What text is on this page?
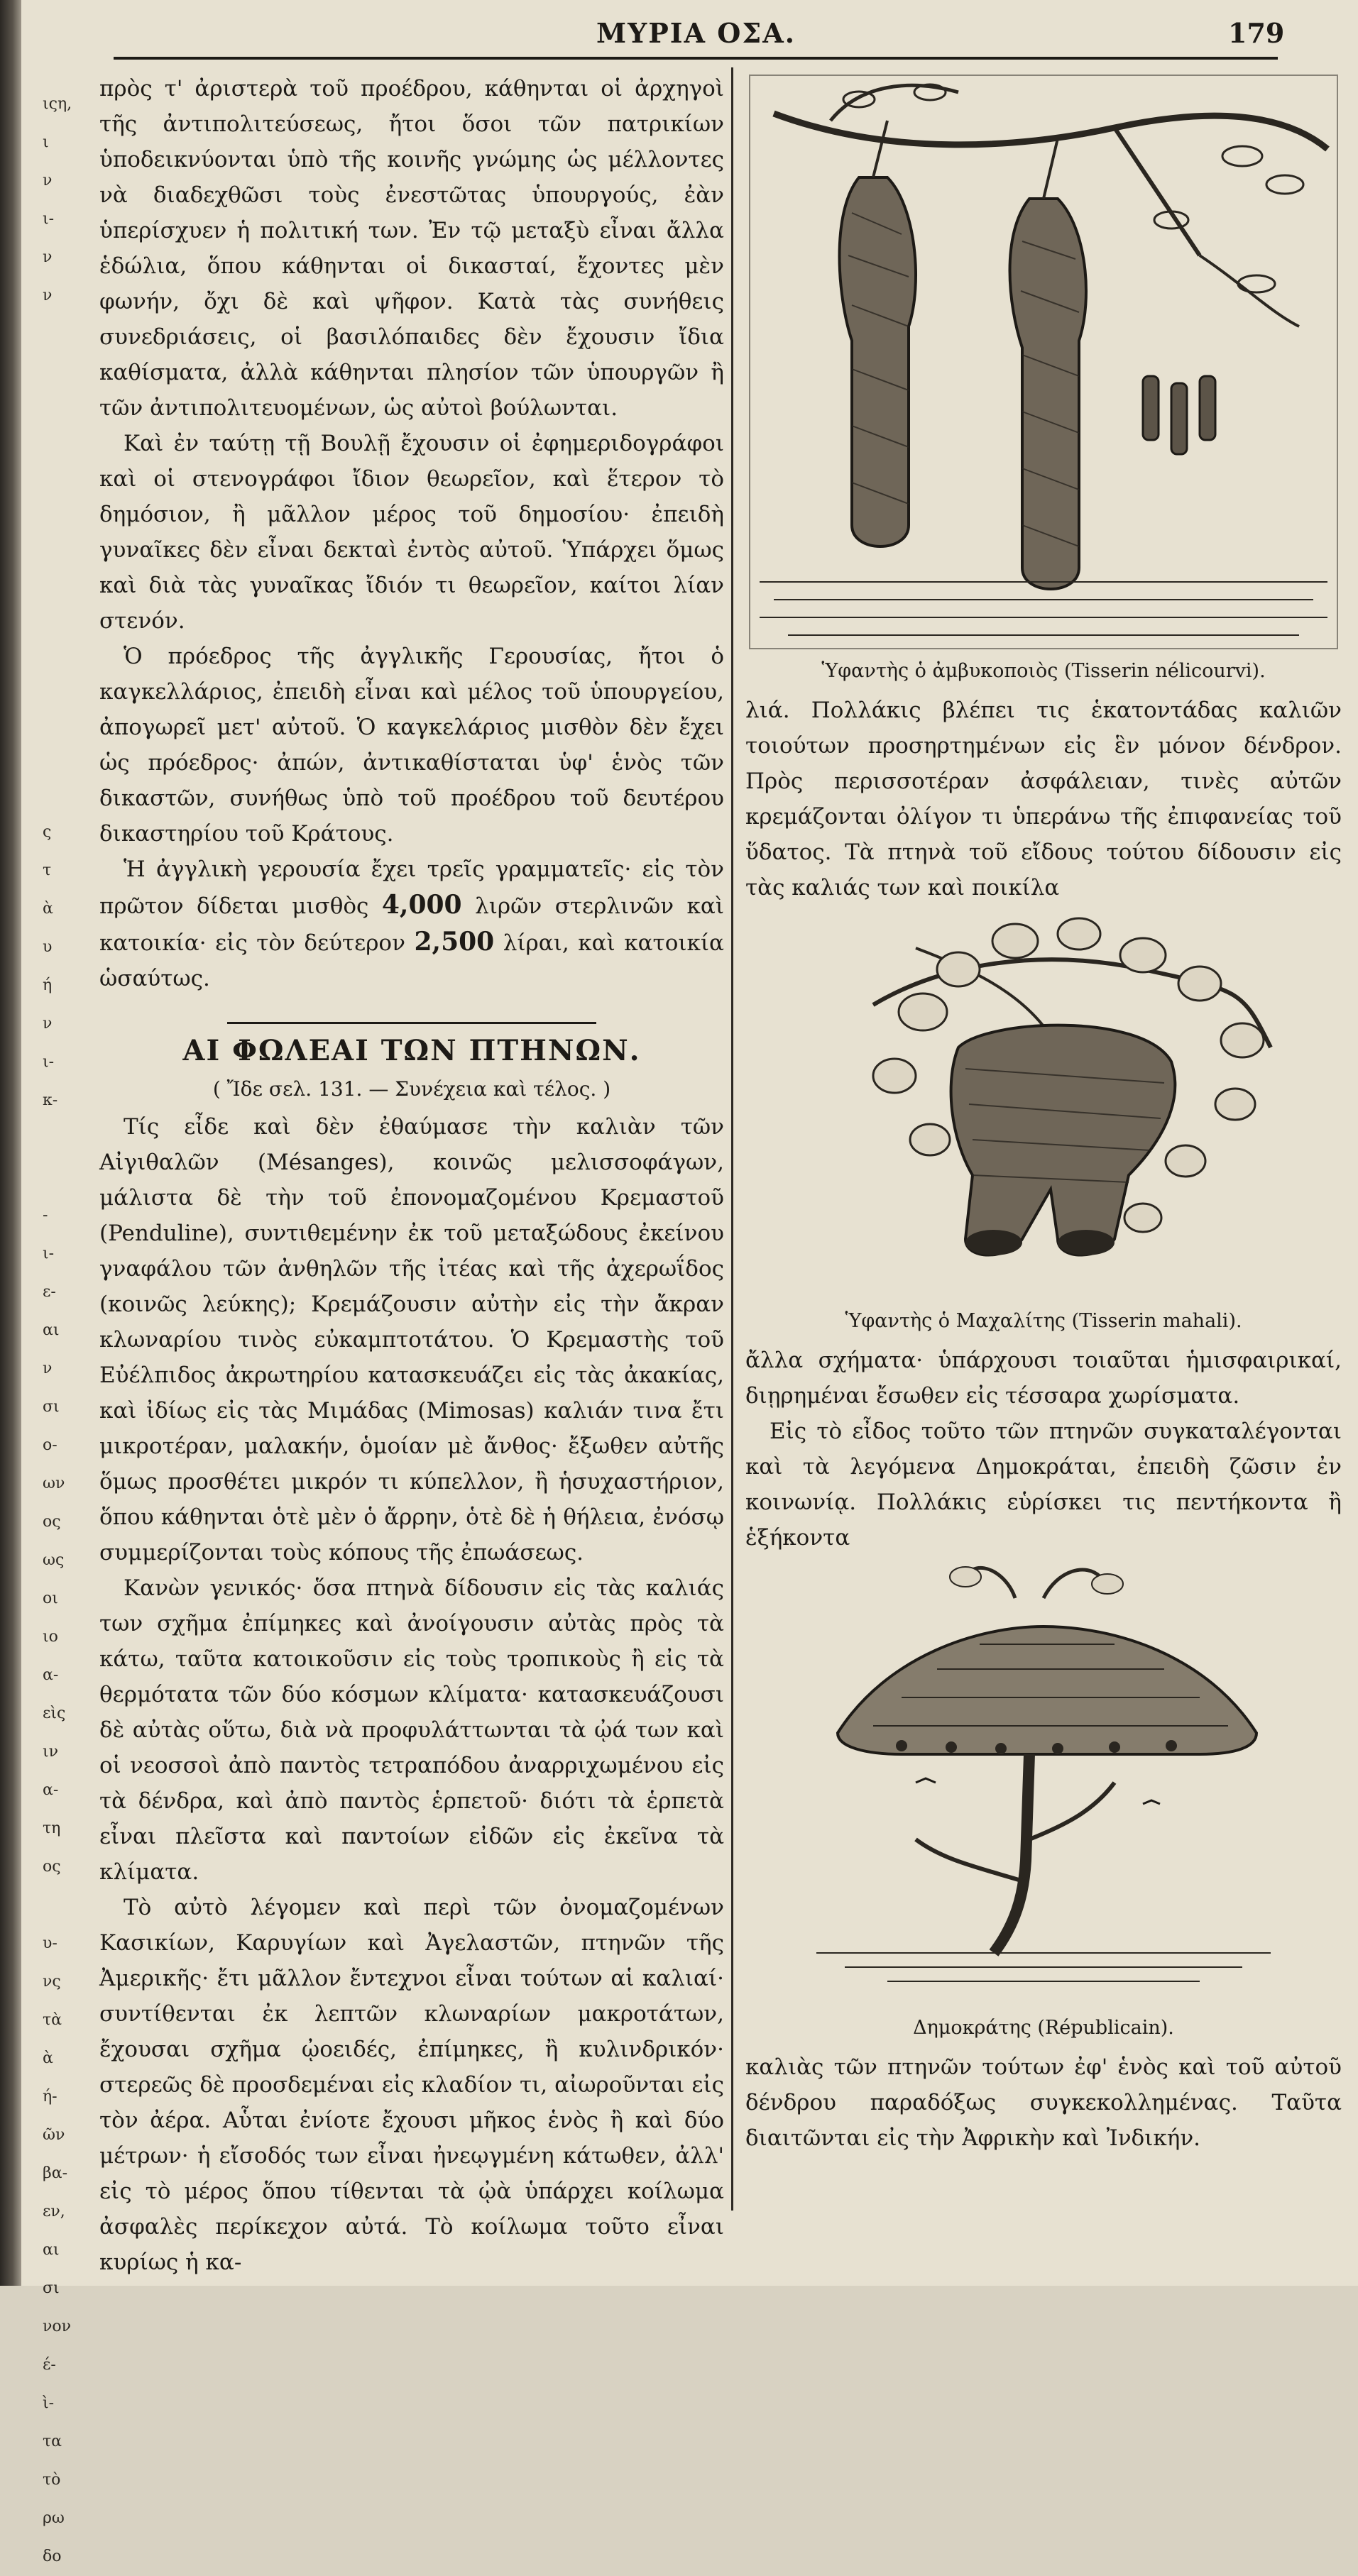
ιςη,
ι
ν
ι-
ν
ν

ς
τ
ὰ
υ
ή
ν
ι-
κ-

-
ι-
ε-
αι
ν
σι
ο-
ων
ος
ως
οι
ιο
α-
εὶς
ιν
α-
τη
ος

υ-
νς
τὰ
ὰ
ή-
ῶν
βα-
εν,
αι
σι
νον
έ-
ὶ-
τα
τὸ
ρω
δο
ΜΥΡΙΑ ΟΣΑ.	179

πρὸς τ' ἀριστερὰ τοῦ προέδρου, κάθηνται οἱ ἀρχηγοὶ τῆς ἀντιπολιτεύσεως, ἤτοι ὅσοι τῶν πατρικίων ὑποδεικνύονται ὑπὸ τῆς κοινῆς γνώμης ὡς μέλλοντες νὰ διαδεχθῶσι τοὺς ἐνεστῶτας ὑπουργούς, ἐὰν ὑπερίσχυεν ἡ πολιτική των. Ἐν τῷ μεταξὺ εἶναι ἄλλα ἑδώλια, ὅπου κάθηνται οἱ δικασταί, ἔχοντες μὲν φωνήν, ὄχι δὲ καὶ ψῆφον. Κατὰ τὰς συνήθεις συνεδριάσεις, οἱ βασιλόπαιδες δὲν ἔχουσιν ἴδια καθίσματα, ἀλλὰ κάθηνται πλησίον τῶν ὑπουργῶν ἢ τῶν ἀντιπολιτευομένων, ὡς αὐτοὶ βούλωνται.

Καὶ ἐν ταύτῃ τῇ Βουλῇ ἔχουσιν οἱ ἐφημεριδογράφοι καὶ οἱ στενογράφοι ἴδιον θεωρεῖον, καὶ ἕτερον τὸ δημόσιον, ἢ μᾶλλον μέρος τοῦ δημοσίου· ἐπειδὴ γυναῖκες δὲν εἶναι δεκταὶ ἐντὸς αὐτοῦ. Ὑπάρχει ὅμως καὶ διὰ τὰς γυναῖκας ἴδιόν τι θεωρεῖον, καίτοι λίαν στενόν.

Ὁ πρόεδρος τῆς ἀγγλικῆς Γερουσίας, ἤτοι ὁ καγκελλάριος, ἐπειδὴ εἶναι καὶ μέλος τοῦ ὑπουργείου, ἀπογωρεῖ μετ' αὐτοῦ. Ὁ καγκελάριος μισθὸν δὲν ἔχει ὡς πρόεδρος· ἀπών, ἀντικαθίσταται ὑφ' ἑνὸς τῶν δικαστῶν, συνήθως ὑπὸ τοῦ προέδρου τοῦ δευτέρου δικαστηρίου τοῦ Κράτους.

Ἡ ἀγγλικὴ γερουσία ἔχει τρεῖς γραμματεῖς· εἰς τὸν πρῶτον δίδεται μισθὸς 4,000 λιρῶν στερλινῶν καὶ κατοικία· εἰς τὸν δεύτερον 2,500 λίραι, καὶ κατοικία ὡσαύτως.

ΑΙ ΦΩΛΕΑΙ ΤΩΝ ΠΤΗΝΩΝ.
( Ἴδε σελ. 131. — Συνέχεια καὶ τέλος. )

Τίς εἶδε καὶ δὲν ἐθαύμασε τὴν καλιὰν τῶν Αἰγιθαλῶν (Mésanges), κοινῶς μελισσοφάγων, μάλιστα δὲ τὴν τοῦ ἐπονομαζομένου Κρεμαστοῦ (Penduline), συντιθεμένην ἐκ τοῦ μεταξώδους ἐκείνου γναφάλου τῶν ἀνθηλῶν τῆς ἰτέας καὶ τῆς ἀχερωΐδος (κοινῶς λεύκης); Κρεμάζουσιν αὐτὴν εἰς τὴν ἄκραν κλωναρίου τινὸς εὐκαμπτοτάτου. Ὁ Κρεμαστὴς τοῦ Εὐέλπιδος ἀκρωτηρίου κατασκευάζει εἰς τὰς ἀκακίας, καὶ ἰδίως εἰς τὰς Μιμάδας (Mimosas) καλιάν τινα ἔτι μικροτέραν, μαλακήν, ὁμοίαν μὲ ἄνθος· ἔξωθεν αὐτῆς ὅμως προσθέτει μικρόν τι κύπελλον, ἢ ἡσυχαστήριον, ὅπου κάθηνται ὁτὲ μὲν ὁ ἄρρην, ὁτὲ δὲ ἡ θήλεια, ἐνόσῳ συμμερίζονται τοὺς κόπους τῆς ἐπωάσεως.

Κανὼν γενικός· ὅσα πτηνὰ δίδουσιν εἰς τὰς καλιάς των σχῆμα ἐπίμηκες καὶ ἀνοίγουσιν αὐτὰς πρὸς τὰ κάτω, ταῦτα κατοικοῦσιν εἰς τοὺς τροπικοὺς ἢ εἰς τὰ θερμότατα τῶν δύο κόσμων κλίματα· κατασκευάζουσι δὲ αὐτὰς οὕτω, διὰ νὰ προφυλάττωνται τὰ ᾠά των καὶ οἱ νεοσσοὶ ἀπὸ παντὸς τετραπόδου ἀναρριχωμένου εἰς τὰ δένδρα, καὶ ἀπὸ παντὸς ἑρπετοῦ· διότι τὰ ἑρπετὰ εἶναι πλεῖστα καὶ παντοίων εἰδῶν εἰς ἐκεῖνα τὰ κλίματα.

Τὸ αὐτὸ λέγομεν καὶ περὶ τῶν ὀνομαζομένων Κασικίων, Καρυγίων καὶ Ἀγελαστῶν, πτηνῶν τῆς Ἀμερικῆς· ἔτι μᾶλλον ἔντεχνοι εἶναι τούτων αἱ καλιαί· συντίθενται ἐκ λεπτῶν κλωναρίων μακροτάτων, ἔχουσαι σχῆμα ᾠοειδές, ἐπίμηκες, ἢ κυλινδρικόν· στερεῶς δὲ προσδεμέναι εἰς κλαδίον τι, αἰωροῦνται εἰς τὸν ἀέρα. Αὗται ἐνίοτε ἔχουσι μῆκος ἑνὸς ἢ καὶ δύο μέτρων· ἡ εἴσοδός των εἶναι ἠνεῳγμένη κάτωθεν, ἀλλ' εἰς τὸ μέρος ὅπου τίθενται τὰ ᾠὰ ὑπάρχει κοίλωμα ἀσφαλὲς περίκεχον αὐτά. Τὸ κοίλωμα τοῦτο εἶναι κυρίως ἡ κα-

Ὑφαντὴς ὁ ἀμβυκοποιὸς (Tisserin nélicourvi).

λιά. Πολλάκις βλέπει τις ἑκατοντάδας καλιῶν τοιούτων προσηρτημένων εἰς ἓν μόνον δένδρον. Πρὸς περισσοτέραν ἀσφάλειαν, τινὲς αὐτῶν κρεμάζονται ὀλίγον τι ὑπεράνω τῆς ἐπιφανείας τοῦ ὕδατος. Τὰ πτηνὰ τοῦ εἴδους τούτου δίδουσιν εἰς τὰς καλιάς των καὶ ποικίλα

Ὑφαντὴς ὁ Μαχαλίτης (Tisserin mahali).

ἄλλα σχήματα· ὑπάρχουσι τοιαῦται ἡμισφαιρικαί, διῃρημέναι ἔσωθεν εἰς τέσσαρα χωρίσματα.

Εἰς τὸ εἶδος τοῦτο τῶν πτηνῶν συγκαταλέγονται καὶ τὰ λεγόμενα Δημοκράται, ἐπειδὴ ζῶσιν ἐν κοινωνίᾳ. Πολλάκις εὑρίσκει τις πεντήκοντα ἢ ἑξήκοντα

Δημοκράτης (Républicain).

καλιὰς τῶν πτηνῶν τούτων ἐφ' ἑνὸς καὶ τοῦ αὐτοῦ δένδρου παραδόξως συγκεκολλημένας. Ταῦτα διαιτῶνται εἰς τὴν Ἀφρικὴν καὶ Ἰνδικήν.
